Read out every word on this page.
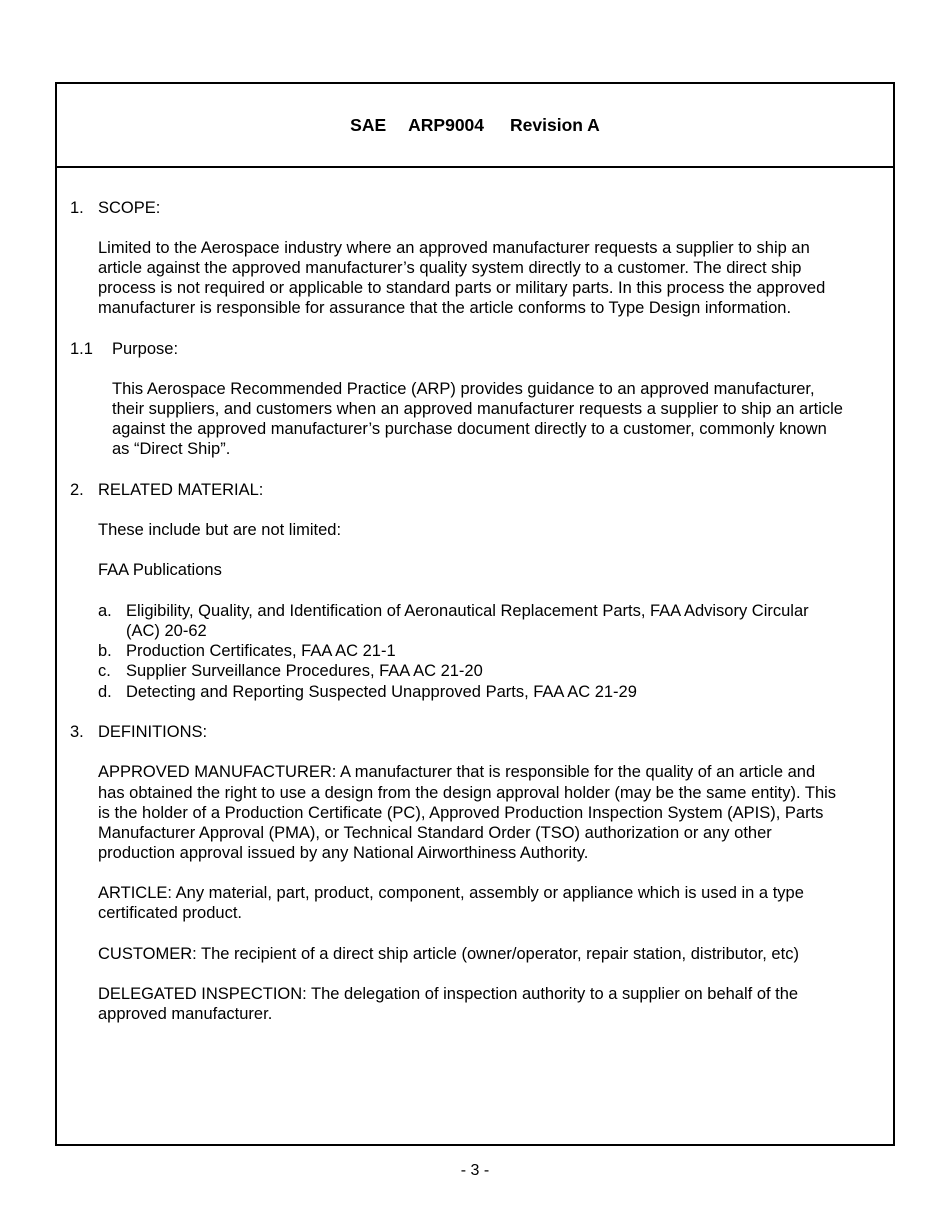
SAE ARP9004 Revision A
1. SCOPE:
Limited to the Aerospace industry where an approved manufacturer requests a supplier to ship an
article against the approved manufacturer’s quality system directly to a customer. The direct ship
process is not required or applicable to standard parts or military parts. In this process the approved
manufacturer is responsible for assurance that the article conforms to Type Design information.
1.1 Purpose:
This Aerospace Recommended Practice (ARP) provides guidance to an approved manufacturer,
their suppliers, and customers when an approved manufacturer requests a supplier to ship an article
against the approved manufacturer’s purchase document directly to a customer, commonly known
as “Direct Ship”.
2. RELATED MATERIAL:
These include but are not limited:
FAA Publications
a. Eligibility, Quality, and Identification of Aeronautical Replacement Parts, FAA Advisory Circular
(AC) 20-62
b. Production Certificates, FAA AC 21-1
c. Supplier Surveillance Procedures, FAA AC 21-20
d. Detecting and Reporting Suspected Unapproved Parts, FAA AC 21-29
3. DEFINITIONS:
APPROVED MANUFACTURER: A manufacturer that is responsible for the quality of an article and
has obtained the right to use a design from the design approval holder (may be the same entity). This
is the holder of a Production Certificate (PC), Approved Production Inspection System (APIS), Parts
Manufacturer Approval (PMA), or Technical Standard Order (TSO) authorization or any other
production approval issued by any National Airworthiness Authority.
ARTICLE: Any material, part, product, component, assembly or appliance which is used in a type
certificated product.
CUSTOMER: The recipient of a direct ship article (owner/operator, repair station, distributor, etc)
DELEGATED INSPECTION: The delegation of inspection authority to a supplier on behalf of the
approved manufacturer.
- 3 -
